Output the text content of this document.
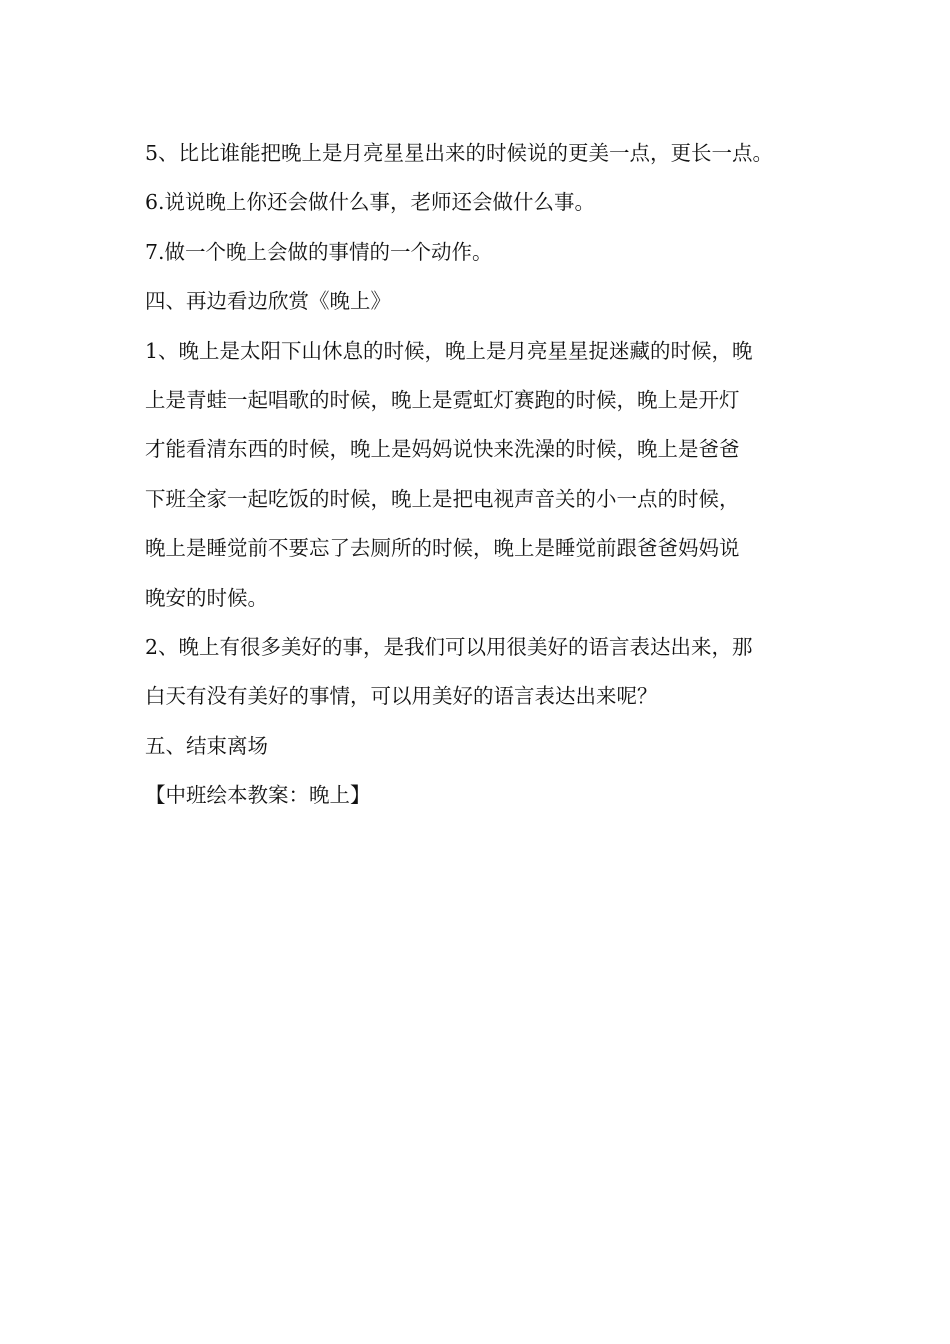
5、比比谁能把晚上是月亮星星出来的时候说的更美一点，更长一点。
6.说说晚上你还会做什么事，老师还会做什么事。
7.做一个晚上会做的事情的一个动作。
四、再边看边欣赏《晚上》
1、晚上是太阳下山休息的时候，晚上是月亮星星捉迷藏的时候，晚
上是青蛙一起唱歌的时候，晚上是霓虹灯赛跑的时候，晚上是开灯
才能看清东西的时候，晚上是妈妈说快来洗澡的时候，晚上是爸爸
下班全家一起吃饭的时候，晚上是把电视声音关的小一点的时候，
晚上是睡觉前不要忘了去厕所的时候，晚上是睡觉前跟爸爸妈妈说
晚安的时候。
2、晚上有很多美好的事，是我们可以用很美好的语言表达出来，那
白天有没有美好的事情，可以用美好的语言表达出来呢？
五、结束离场
【中班绘本教案：晚上】
